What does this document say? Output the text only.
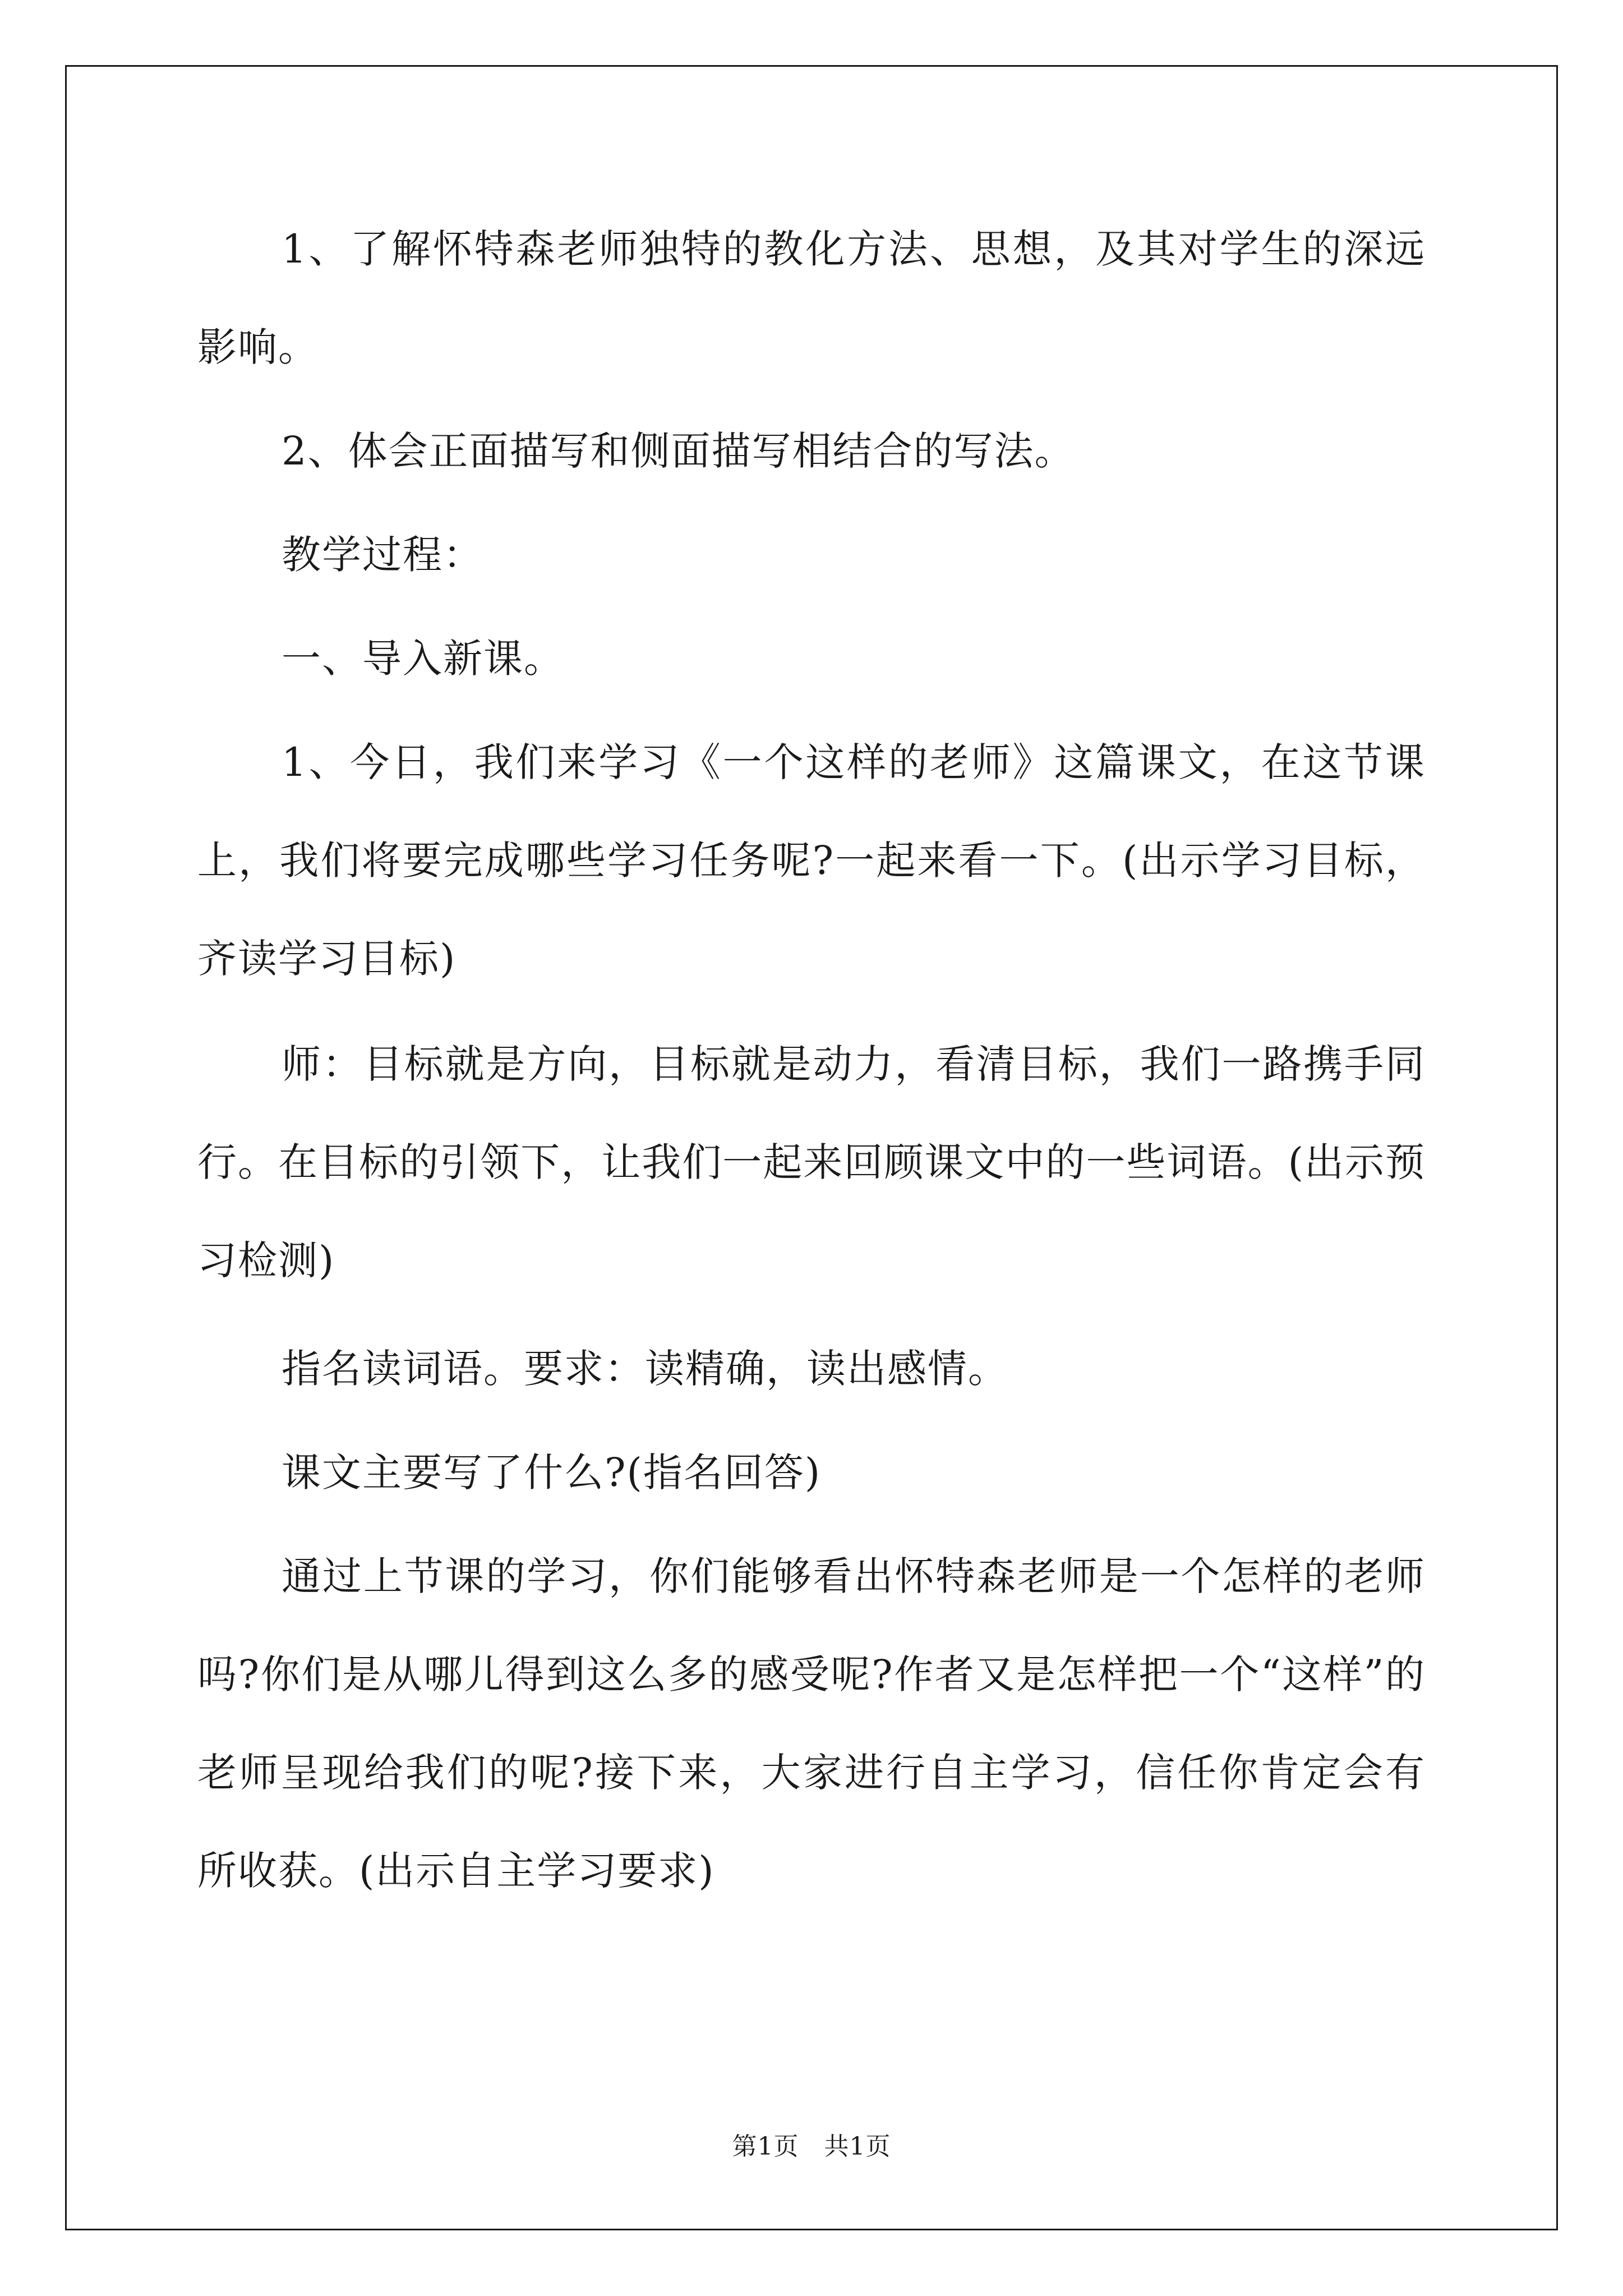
1、了解怀特森老师独特的教化方法、思想，及其对学生的深远影响。

2、体会正面描写和侧面描写相结合的写法。

教学过程：

一、导入新课。

1、今日，我们来学习《一个这样的老师》这篇课文，在这节课上，我们将要完成哪些学习任务呢?一起来看一下。(出示学习目标，齐读学习目标)

师：目标就是方向，目标就是动力，看清目标，我们一路携手同行。在目标的引领下，让我们一起来回顾课文中的一些词语。(出示预习检测)

指名读词语。要求：读精确，读出感情。

课文主要写了什么?(指名回答)

通过上节课的学习，你们能够看出怀特森老师是一个怎样的老师吗?你们是从哪儿得到这么多的感受呢?作者又是怎样把一个“这样”的老师呈现给我们的呢?接下来，大家进行自主学习，信任你肯定会有所收获。(出示自主学习要求)

第1页　共1页
